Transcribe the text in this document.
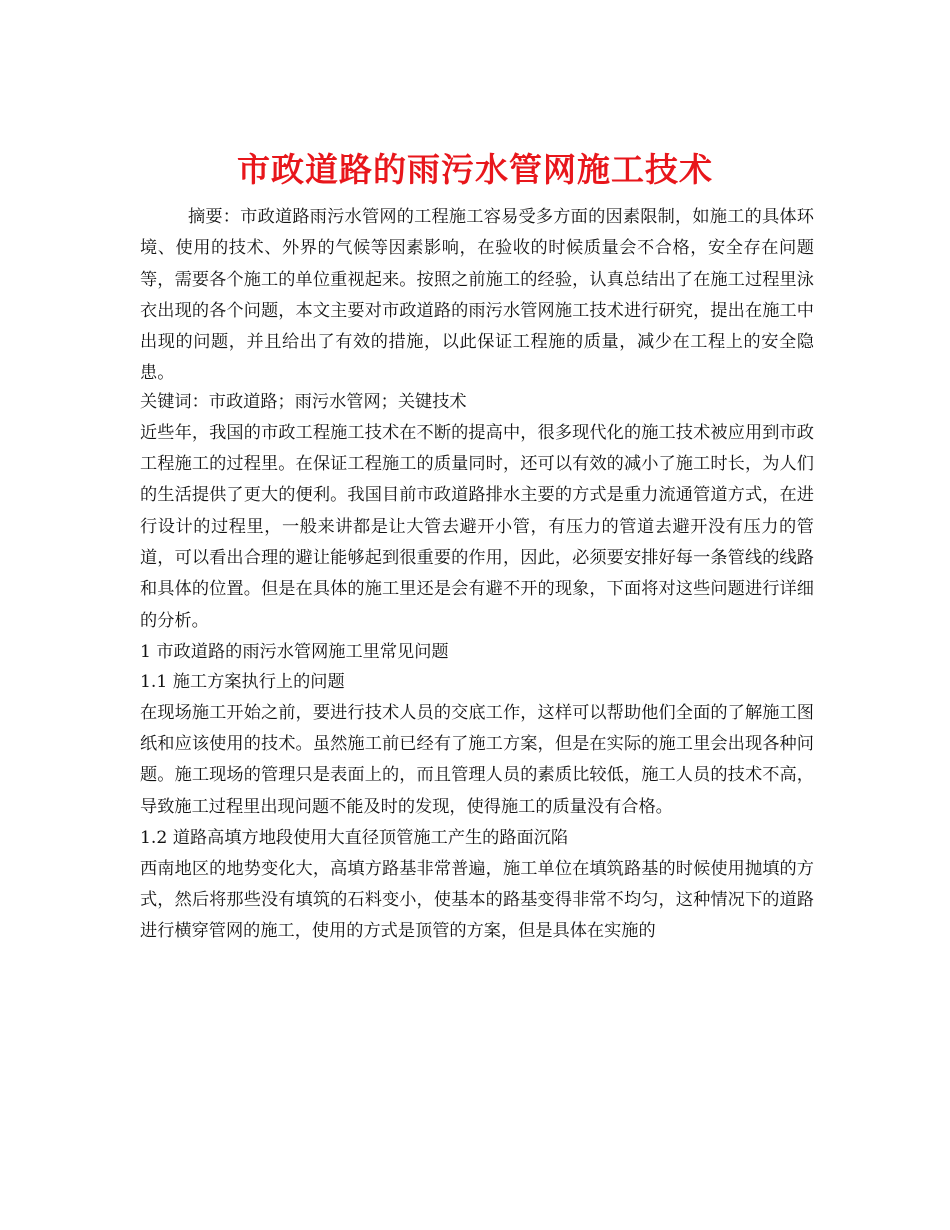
市政道路的雨污水管网施工技术

摘要：市政道路雨污水管网的工程施工容易受多方面的因素限制，如施工的具体环境、使用的技术、外界的气候等因素影响，在验收的时候质量会不合格，安全存在问题等，需要各个施工的单位重视起来。按照之前施工的经验，认真总结出了在施工过程里泳衣出现的各个问题，本文主要对市政道路的雨污水管网施工技术进行研究，提出在施工中出现的问题，并且给出了有效的措施，以此保证工程施的质量，减少在工程上的安全隐患。

关键词：市政道路；雨污水管网；关键技术

近些年，我国的市政工程施工技术在不断的提高中，很多现代化的施工技术被应用到市政工程施工的过程里。在保证工程施工的质量同时，还可以有效的减小了施工时长，为人们的生活提供了更大的便利。我国目前市政道路排水主要的方式是重力流通管道方式，在进行设计的过程里，一般来讲都是让大管去避开小管，有压力的管道去避开没有压力的管道，可以看出合理的避让能够起到很重要的作用，因此，必须要安排好每一条管线的线路和具体的位置。但是在具体的施工里还是会有避不开的现象，下面将对这些问题进行详细的分析。

1 市政道路的雨污水管网施工里常见问题

1.1 施工方案执行上的问题

在现场施工开始之前，要进行技术人员的交底工作，这样可以帮助他们全面的了解施工图纸和应该使用的技术。虽然施工前已经有了施工方案，但是在实际的施工里会出现各种问题。施工现场的管理只是表面上的，而且管理人员的素质比较低，施工人员的技术不高，导致施工过程里出现问题不能及时的发现，使得施工的质量没有合格。

1.2 道路高填方地段使用大直径顶管施工产生的路面沉陷

西南地区的地势变化大，高填方路基非常普遍，施工单位在填筑路基的时候使用抛填的方式，然后将那些没有填筑的石料变小，使基本的路基变得非常不均匀，这种情况下的道路进行横穿管网的施工，使用的方式是顶管的方案，但是具体在实施的
